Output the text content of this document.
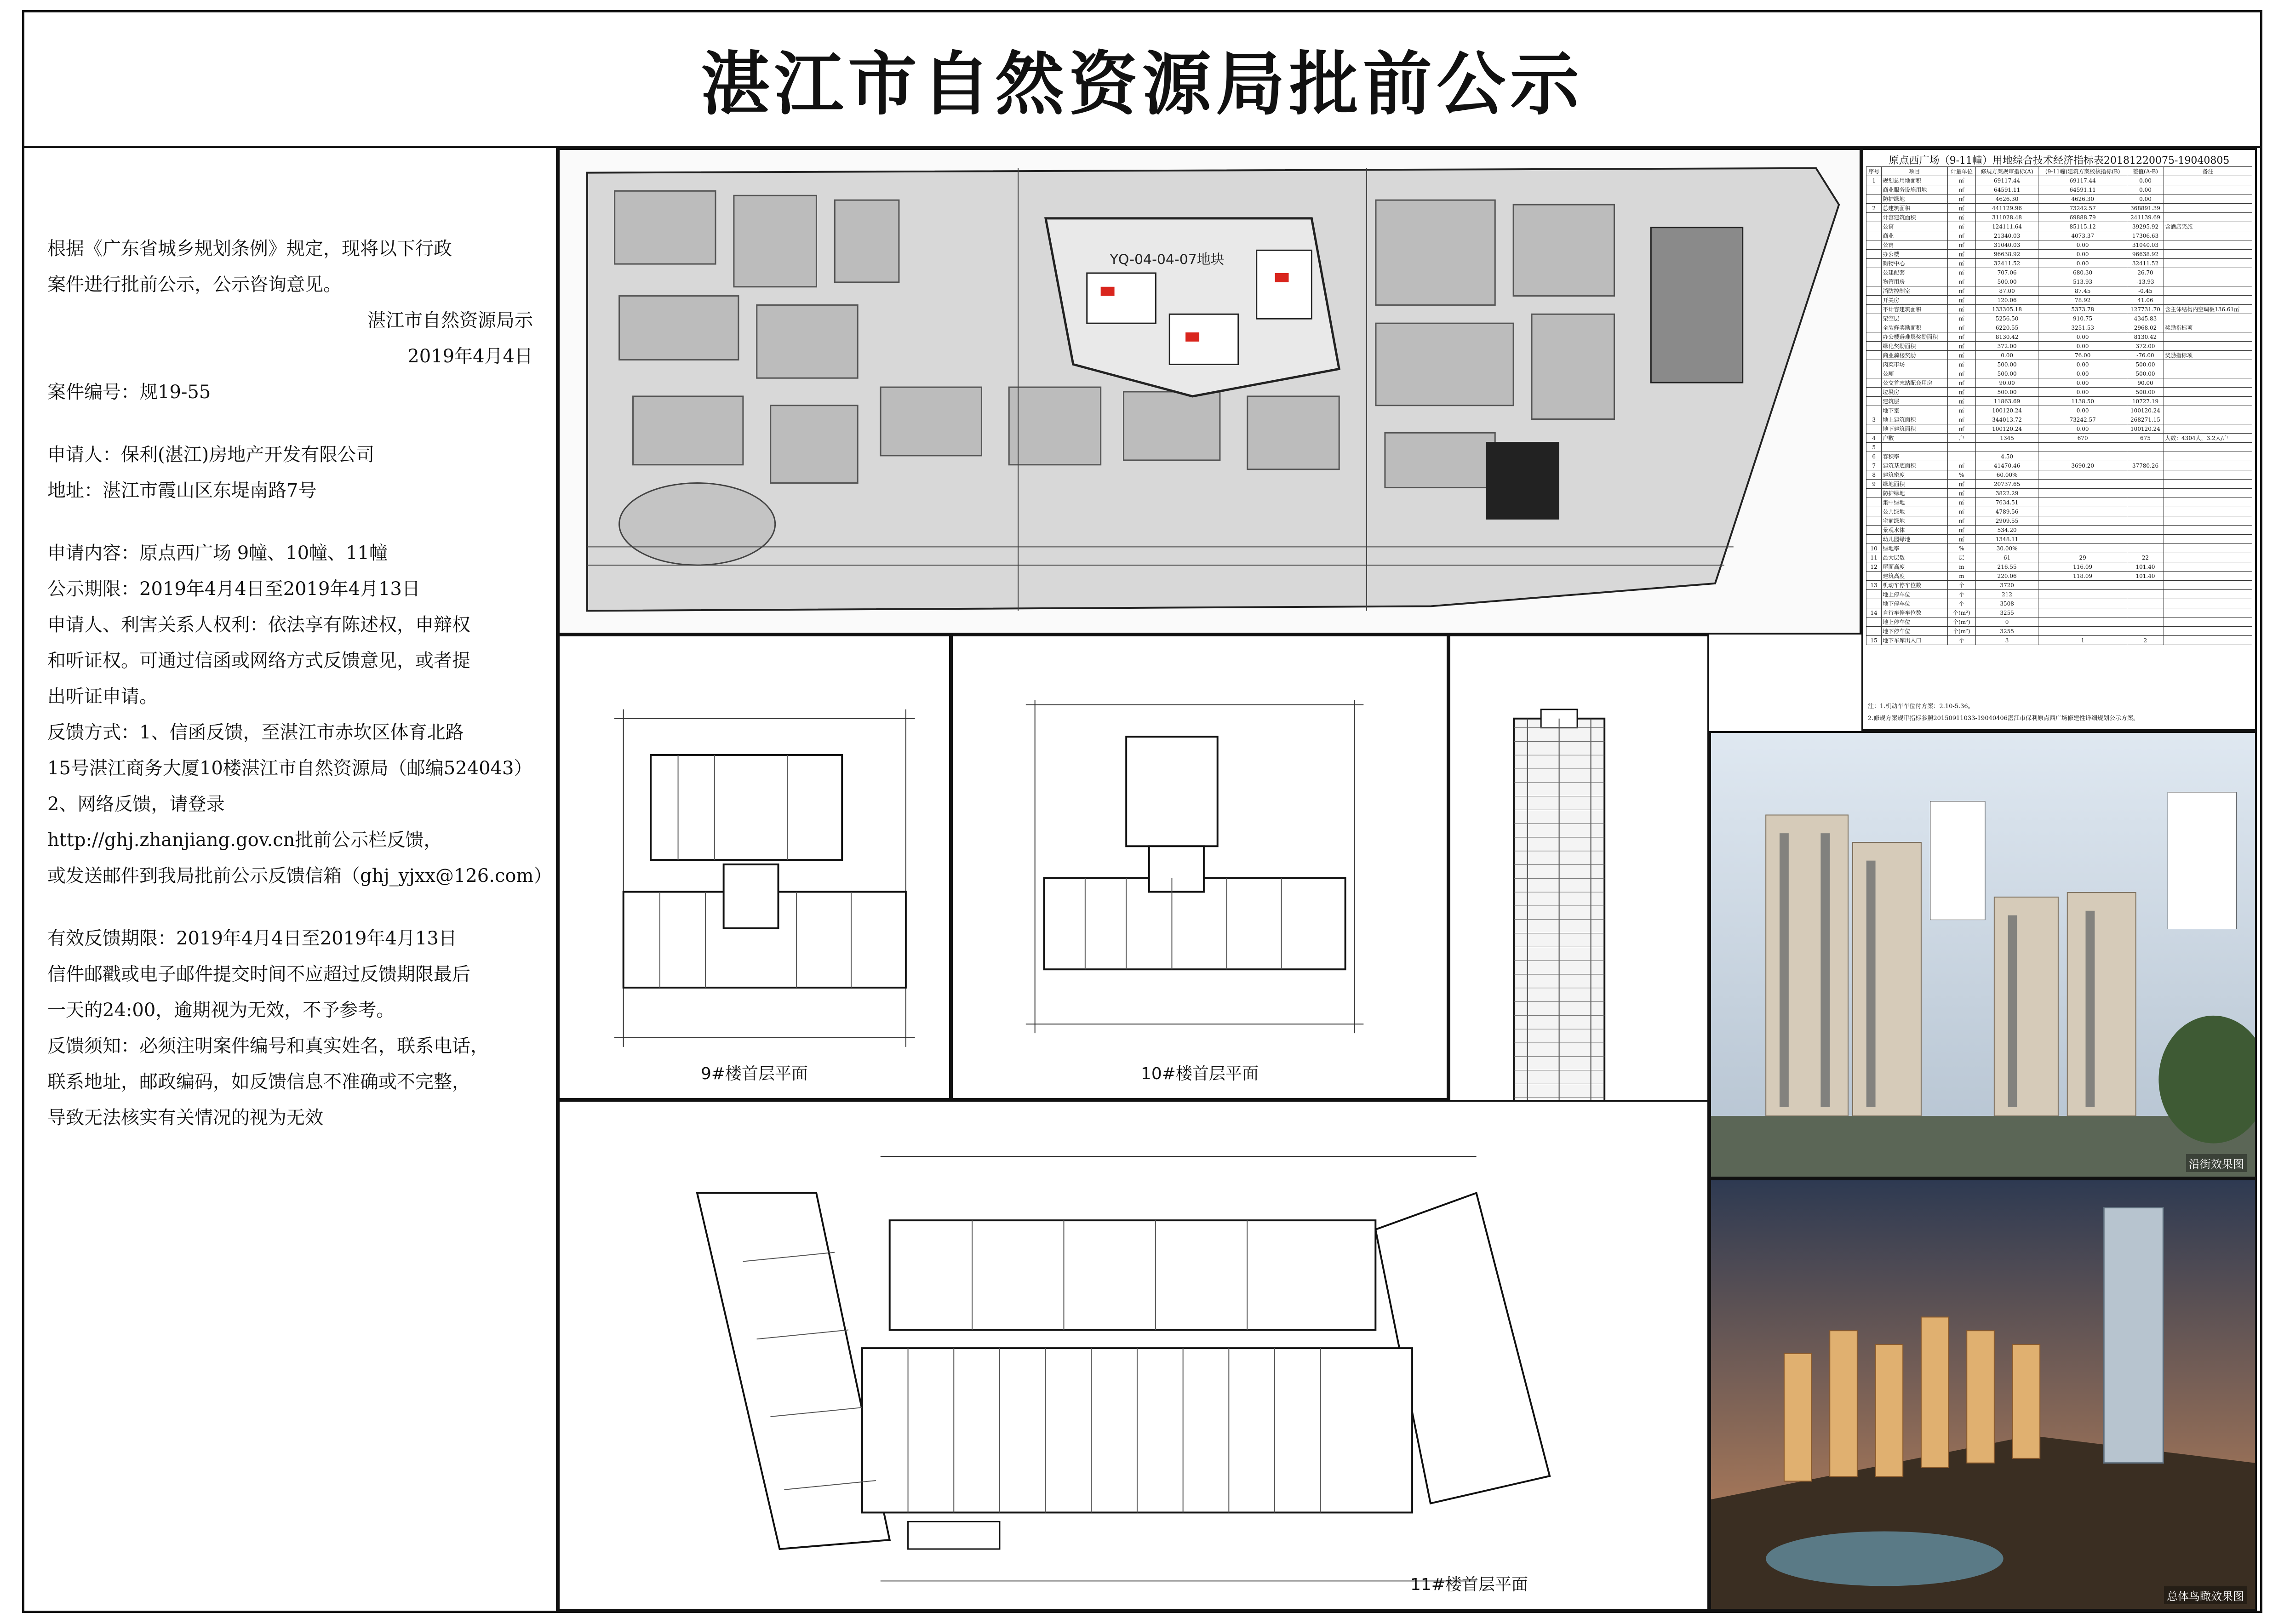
湛江市自然资源局批前公示

根据《广东省城乡规划条例》规定，现将以下行政

案件进行批前公示，公示咨询意见。

湛江市自然资源局示

2019年4月4日

案件编号：规19-55

申请人：保利(湛江)房地产开发有限公司

地址：湛江市霞山区东堤南路7号

申请内容：原点西广场 9幢、10幢、11幢

公示期限：2019年4月4日至2019年4月13日

申请人、利害关系人权利：依法享有陈述权，申辩权

和听证权。可通过信函或网络方式反馈意见，或者提

出听证申请。

反馈方式：1、信函反馈，至湛江市赤坎区体育北路

15号湛江商务大厦10楼湛江市自然资源局（邮编524043）

2、网络反馈，请登录

http://ghj.zhanjiang.gov.cn批前公示栏反馈，

或发送邮件到我局批前公示反馈信箱（ghj_yjxx@126.com）

有效反馈期限：2019年4月4日至2019年4月13日

信件邮戳或电子邮件提交时间不应超过反馈期限最后

一天的24:00，逾期视为无效，不予参考。

反馈须知：必须注明案件编号和真实姓名，联系电话，

联系地址，邮政编码，如反馈信息不准确或不完整，

导致无法核实有关情况的视为无效

YQ-04-04-07地块
原点西广场（9-11幢）用地综合技术经济指标表20181220075-19040805
序号	项目	计量单位	修规方案规审指标(A)	(9-11幢)建筑方案校核指标(B)	差值(A-B)	备注
1	规划总用地面积	㎡	69117.44	69117.44	0.00	
	商业服务设施用地	㎡	64591.11	64591.11	0.00	
	防护绿地	㎡	4626.30	4626.30	0.00	
2	总建筑面积	㎡	441129.96	73242.57	368891.39	
	计容建筑面积	㎡	311028.48	69888.79	241139.69	
	公寓	㎡	124111.64	85115.12	39295.92	含酒店夹施
	商业	㎡	21340.03	4073.37	17306.63	
	公寓	㎡	31040.03	0.00	31040.03	
	办公楼	㎡	96638.92	0.00	96638.92	
	购物中心	㎡	32411.52	0.00	32411.52	
	公建配套	㎡	707.06	680.30	26.70	
	物管用房	㎡	500.00	513.93	-13.93	
	消防控制室	㎡	87.00	87.45	-0.45	
	开关房	㎡	120.06	78.92	41.06	
	不计容建筑面积	㎡	133305.18	5373.78	127731.70	含主体结构内空调板136.61㎡
	架空层	㎡	5256.50	910.75	4345.83	
	全装修奖励面积	㎡	6220.55	3251.53	2968.02	奖励指标项
	办公楼避难层奖励面积	㎡	8130.42	0.00	8130.42	
	绿化奖励面积	㎡	372.00	0.00	372.00	
	商业骑楼奖励	㎡	0.00	76.00	-76.00	奖励指标项
	肉菜市场	㎡	500.00	0.00	500.00	
	公厕	㎡	500.00	0.00	500.00	
	公交首末站配套用房	㎡	90.00	0.00	90.00	
	垃圾房	㎡	500.00	0.00	500.00	
	建筑层	㎡	11863.69	1138.50	10727.19	
	地下室	㎡	100120.24	0.00	100120.24	
3	地上建筑面积	㎡	344013.72	73242.57	268271.15	
	地下建筑面积	㎡	100120.24	0.00	100120.24	
4	户数	户	1345	670	675	人数：4304人，3.2人/户
5						
6	容积率		4.50			
7	建筑基底面积	㎡	41470.46	3690.20	37780.26	
8	建筑密度	%	60.00%			
9	绿地面积	㎡	20737.65			
	防护绿地	㎡	3822.29			
	集中绿地	㎡	7634.51			
	公共绿地	㎡	4789.56			
	宅前绿地	㎡	2909.55			
	景观水体	㎡	534.20			
	幼儿园绿地	㎡	1348.11			
10	绿地率	%	30.00%			
11	最大层数	层	61	29	22	
12	屋面高度	m	216.55	116.09	101.40	
	建筑高度	m	220.06	118.09	101.40	
13	机动车停车位数	个	3720			
	地上停车位	个	212			
	地下停车位	个	3508			
14	自行车停车位数	个(m²)	3255			
	地上停车位	个(m²)	0			
	地下停车位	个(m²)	3255			
15	地下车库出入口	个	3	1	2	
注：1.机动车车位付方案：2.10-5.36。
2.修规方案规审指标参照20150911033-19040406湛江市保利原点西广场修建性详细规划公示方案。
9#楼首层平面	10#楼首层平面
11#楼首层平面
沿街效果图
总体鸟瞰效果图
